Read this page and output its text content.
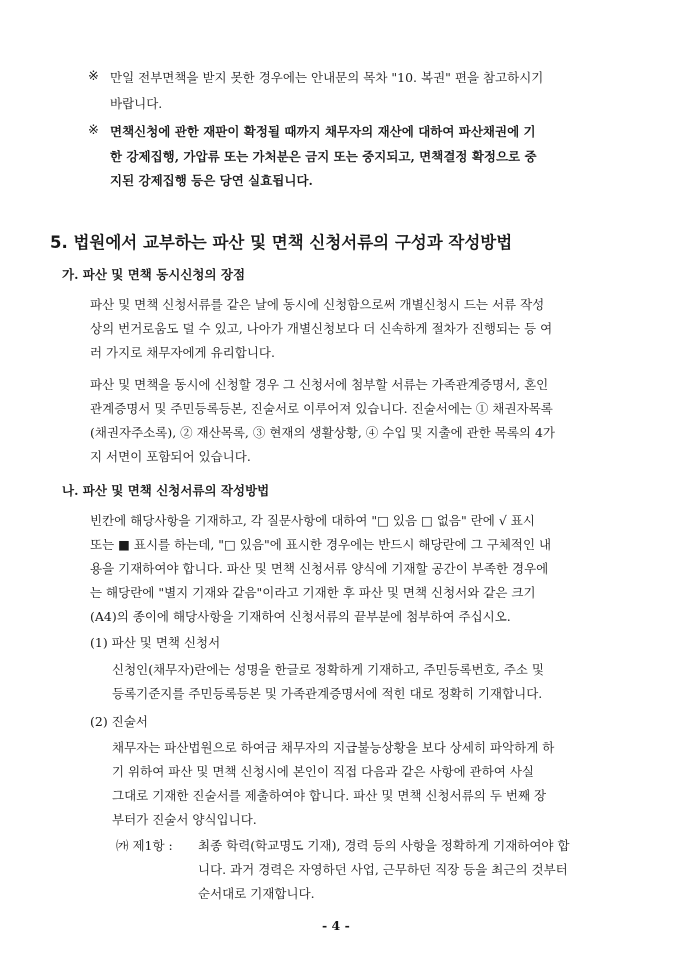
※ 만일 전부면책을 받지 못한 경우에는 안내문의 목차 "10. 복권" 편을 참고하시기
바랍니다.
※ 면책신청에 관한 재판이 확정될 때까지 채무자의 재산에 대하여 파산채권에 기
한 강제집행, 가압류 또는 가처분은 금지 또는 중지되고, 면책결정 확정으로 중
지된 강제집행 등은 당연 실효됩니다.
5. 법원에서 교부하는 파산 및 면책 신청서류의 구성과 작성방법
가. 파산 및 면책 동시신청의 장점
파산 및 면책 신청서류를 같은 날에 동시에 신청함으로써 개별신청시 드는 서류 작성
상의 번거로움도 덜 수 있고, 나아가 개별신청보다 더 신속하게 절차가 진행되는 등 여
러 가지로 채무자에게 유리합니다.
파산 및 면책을 동시에 신청할 경우 그 신청서에 첨부할 서류는 가족관계증명서, 혼인
관계증명서 및 주민등록등본, 진술서로 이루어져 있습니다. 진술서에는 ① 채권자목록
(채권자주소록), ② 재산목록, ③ 현재의 생활상황, ④ 수입 및 지출에 관한 목록의 4가
지 서면이 포함되어 있습니다.
나. 파산 및 면책 신청서류의 작성방법
빈칸에 해당사항을 기재하고, 각 질문사항에 대하여 "□ 있음 □ 없음" 란에 √ 표시
또는 ■ 표시를 하는데, "□ 있음"에 표시한 경우에는 반드시 해당란에 그 구체적인 내
용을 기재하여야 합니다. 파산 및 면책 신청서류 양식에 기재할 공간이 부족한 경우에
는 해당란에 "별지 기재와 같음"이라고 기재한 후 파산 및 면책 신청서와 같은 크기
(A4)의 종이에 해당사항을 기재하여 신청서류의 끝부분에 첨부하여 주십시오.
(1) 파산 및 면책 신청서
신청인(채무자)란에는 성명을 한글로 정확하게 기재하고, 주민등록번호, 주소 및
등록기준지를 주민등록등본 및 가족관계증명서에 적힌 대로 정확히 기재합니다.
(2) 진술서
채무자는 파산법원으로 하여금 채무자의 지급불능상황을 보다 상세히 파악하게 하
기 위하여 파산 및 면책 신청시에 본인이 직접 다음과 같은 사항에 관하여 사실
그대로 기재한 진술서를 제출하여야 합니다. 파산 및 면책 신청서류의 두 번째 장
부터가 진술서 양식입니다.
㈎ 제1항 : 최종 학력(학교명도 기재), 경력 등의 사항을 정확하게 기재하여야 합
니다. 과거 경력은 자영하던 사업, 근무하던 직장 등을 최근의 것부터
순서대로 기재합니다.
- 4 -
